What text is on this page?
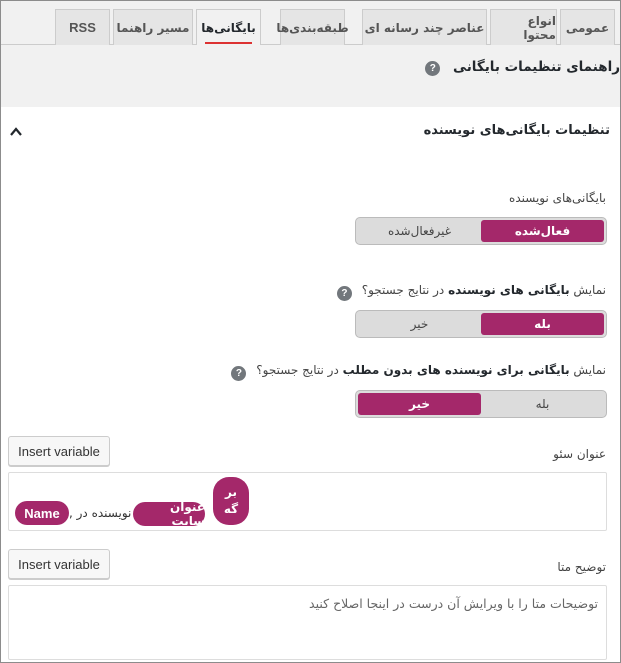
عمومی
انواع محتوا
عناصر چند رسانه ای
طبقه‌بندی‌ها
بایگانی‌ها
مسیر راهنما
RSS
راهنمای تنظیمات بایگانی ?
تنظیمات بایگانی‌های نویسنده
بایگانی‌های نویسنده
فعال‌شده
غیرفعال‌شده
نمایش بایگانی های نویسنده در نتایج جستجو؟ ?
بله
خیر
نمایش بایگانی برای نویسنده های بدون مطلب در نتایج جستجو؟ ?
بله
خیر
Insert variable	عنوان سئو
بر
گه
عنوان سایت
نویسنده در ,
Name
Insert variable	توضیح متا
توضیحات متا را با ویرایش آن درست در اینجا اصلاح کنید
